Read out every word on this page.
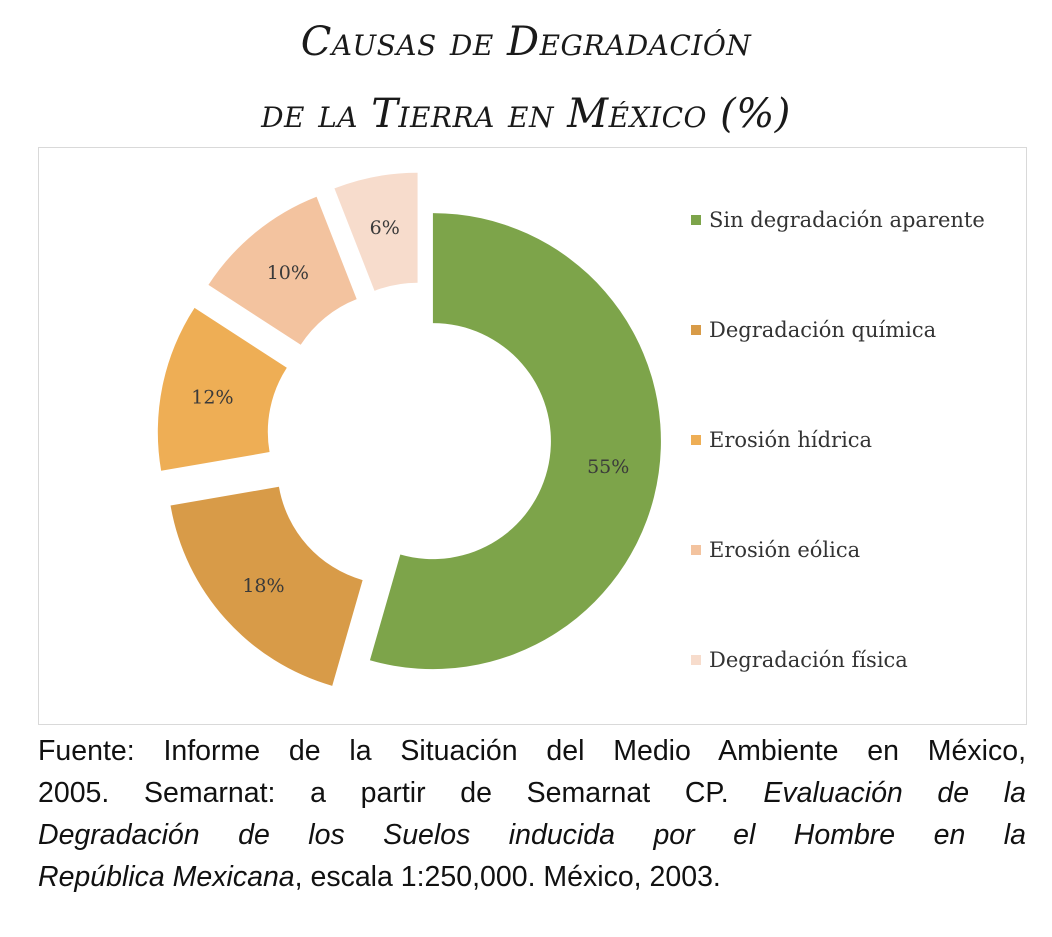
Causas de Degradación
de la Tierra en México (%)
55%
18%
12%
10%
6%	Sin degradación aparente
Degradación química
Erosión hídrica
Erosión eólica
Degradación física
Fuente: Informe de la Situación del Medio Ambiente en México,
2005. Semarnat: a partir de Semarnat CP. Evaluación de la
Degradación de los Suelos inducida por el Hombre en la
República Mexicana, escala 1:250,000. México, 2003.
